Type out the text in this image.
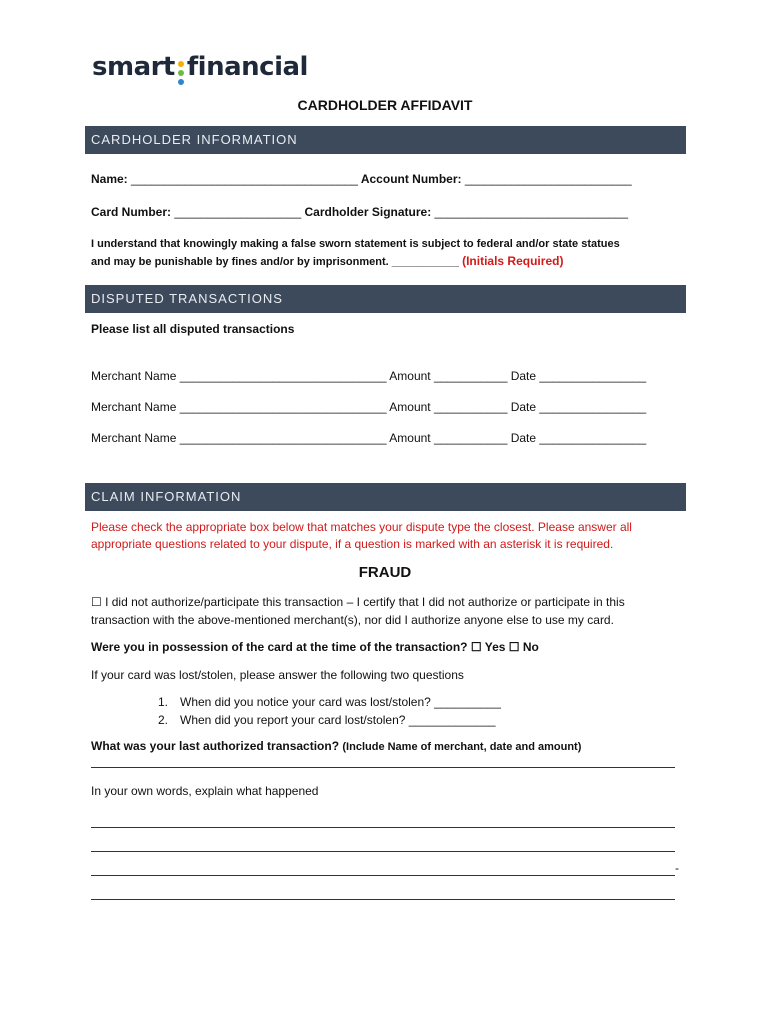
smart financial
CARDHOLDER AFFIDAVIT
CARDHOLDER INFORMATION
Name: __________________________________ Account Number: _________________________
Card Number: ___________________ Cardholder Signature: _____________________________
I understand that knowingly making a false sworn statement is subject to federal and/or state statues
and may be punishable by fines and/or by imprisonment. ___________ (Initials Required)
DISPUTED TRANSACTIONS
Please list all disputed transactions
Merchant Name _______________________________ Amount ___________ Date ________________
Merchant Name _______________________________ Amount ___________ Date ________________
Merchant Name _______________________________ Amount ___________ Date ________________
CLAIM INFORMATION
Please check the appropriate box below that matches your dispute type the closest. Please answer all
appropriate questions related to your dispute, if a question is marked with an asterisk it is required.
FRAUD
☐ I did not authorize/participate this transaction – I certify that I did not authorize or participate in this
transaction with the above-mentioned merchant(s), nor did I authorize anyone else to use my card.
Were you in possession of the card at the time of the transaction? ☐ Yes ☐ No
If your card was lost/stolen, please answer the following two questions
1. When did you notice your card was lost/stolen? __________
2. When did you report your card lost/stolen? _____________
What was your last authorized transaction? (Include Name of merchant, date and amount)
In your own words, explain what happened
-
